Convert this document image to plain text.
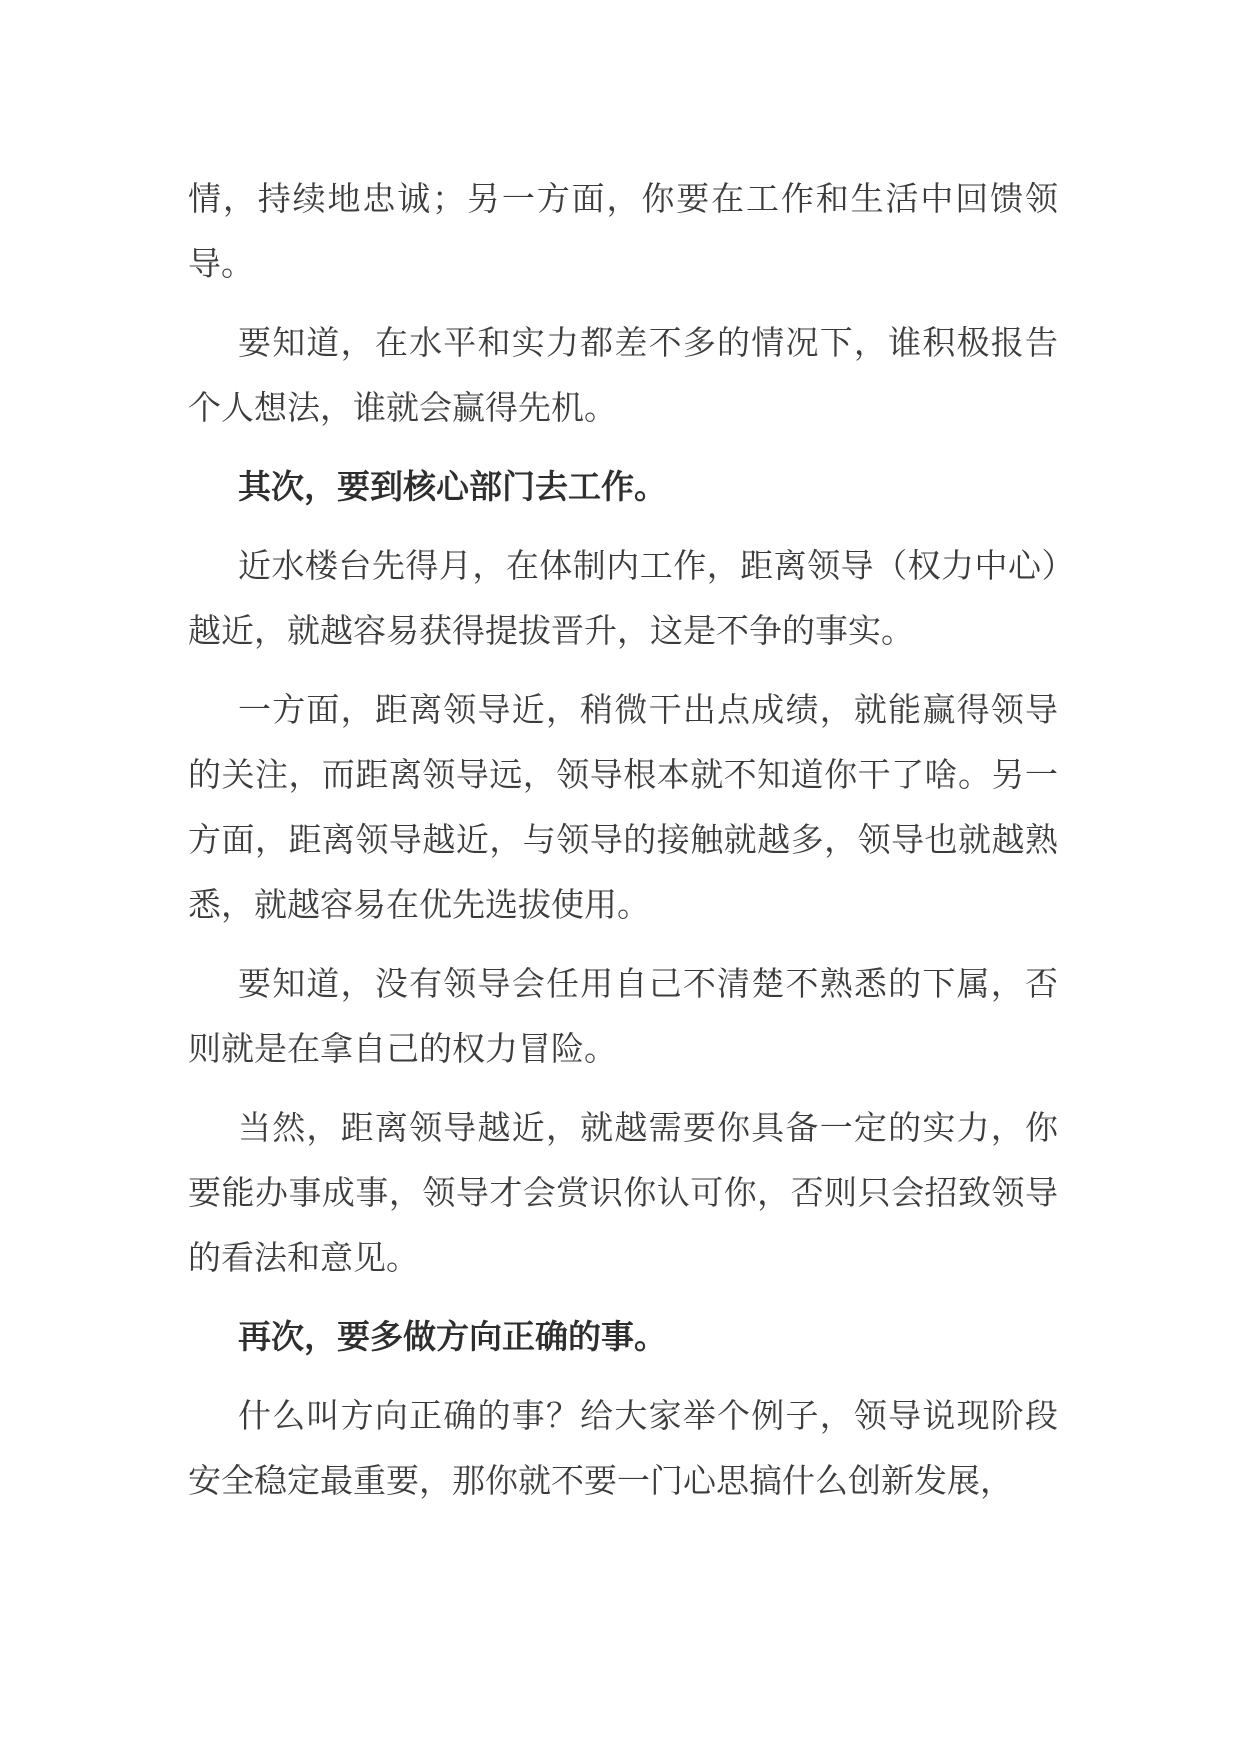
情，持续地忠诚；另一方面，你要在工作和生活中回馈领导。

要知道，在水平和实力都差不多的情况下，谁积极报告个人想法，谁就会赢得先机。

其次，要到核心部门去工作。

近水楼台先得月，在体制内工作，距离领导（权力中心）越近，就越容易获得提拔晋升，这是不争的事实。

一方面，距离领导近，稍微干出点成绩，就能赢得领导的关注，而距离领导远，领导根本就不知道你干了啥。另一方面，距离领导越近，与领导的接触就越多，领导也就越熟悉，就越容易在优先选拔使用。

要知道，没有领导会任用自己不清楚不熟悉的下属，否则就是在拿自己的权力冒险。

当然，距离领导越近，就越需要你具备一定的实力，你要能办事成事，领导才会赏识你认可你，否则只会招致领导的看法和意见。

再次，要多做方向正确的事。

什么叫方向正确的事？给大家举个例子，领导说现阶段安全稳定最重要，那你就不要一门心思搞什么创新发展，
